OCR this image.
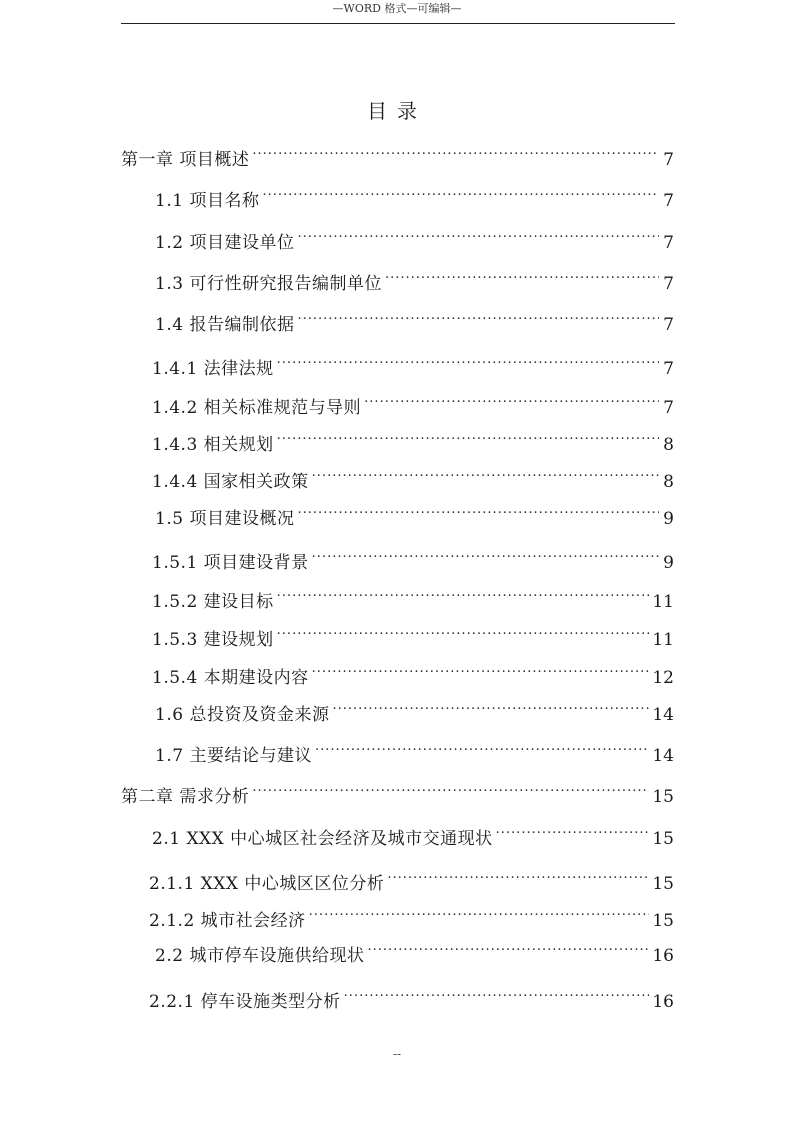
—WORD 格式—可编辑—
目录
第一章 项目概述 .....	7
1.1 项目名称 .....	7
1.2 项目建设单位 .....	7
1.3 可行性研究报告编制单位 .....	7
1.4 报告编制依据 .....	7
1.4.1 法律法规 .....	7
1.4.2 相关标准规范与导则 .....	7
1.4.3 相关规划 .....	8
1.4.4 国家相关政策 .....	8
1.5 项目建设概况 .....	9
1.5.1 项目建设背景 .....	9
1.5.2 建设目标 .....	11
1.5.3 建设规划 .....	11
1.5.4 本期建设内容 .....	12
1.6 总投资及资金来源 .....	14
1.7 主要结论与建议 .....	14
第二章 需求分析 .....	15
2.1 XXX 中心城区社会经济及城市交通现状 .....	15
2.1.1 XXX 中心城区区位分析 .....	15
2.1.2 城市社会经济 .....	15
2.2 城市停车设施供给现状 .....	16
2.2.1 停车设施类型分析 .....	16
--
